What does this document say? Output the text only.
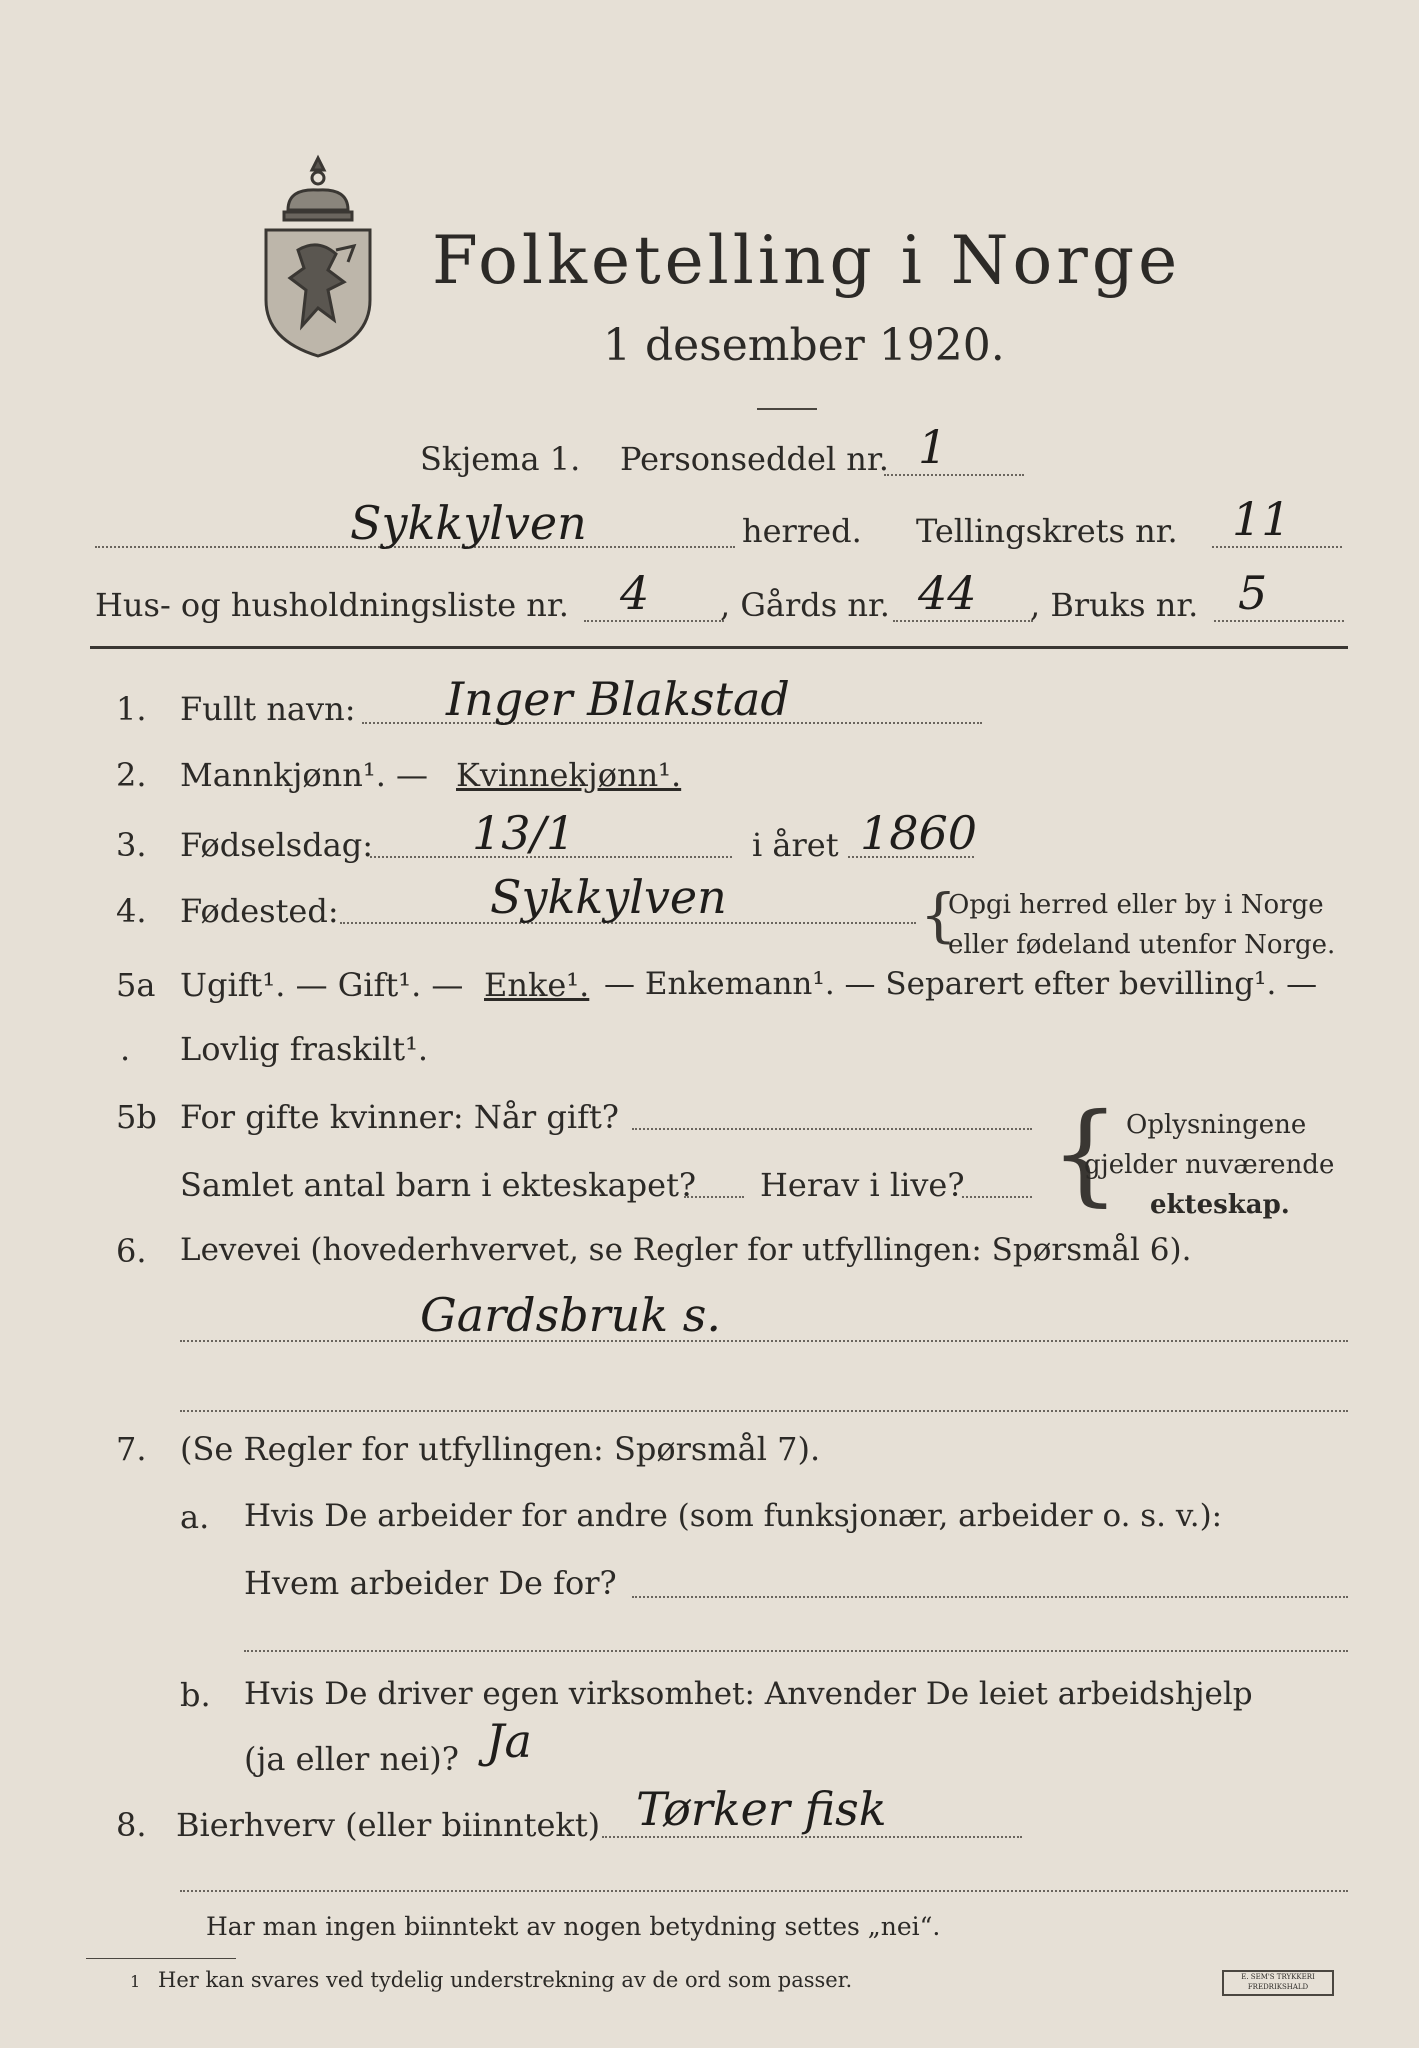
Folketelling i Norge
1 desember 1920.
Skjema 1. Personseddel nr. 1
Sykkylven	herred. Tellingskrets nr. 11
Hus- og husholdningsliste nr. 4 , Gårds nr. 44 , Bruks nr. 5
1. Fullt navn: Inger Blakstad
2. Mannkjønn¹. — Kvinnekjønn¹.
3. Fødselsdag: 13/1	i året 1860
4. Fødested:	Sykkylven	{
Opgi herred eller by i Norge
eller fødeland utenfor Norge.
5a Ugift¹. — Gift¹. — Enke¹. — Enkemann¹. — Separert efter bevilling¹. —
. Lovlig fraskilt¹.
5b For gifte kvinner: Når gift?
Samlet antal barn i ekteskapet? Herav i live? { Oplysningene
gjelder nuværende
ekteskap.
6. Levevei (hovederhvervet, se Regler for utfyllingen: Spørsmål 6).
Gardsbruk s.
7. (Se Regler for utfyllingen: Spørsmål 7).
a. Hvis De arbeider for andre (som funksjonær, arbeider o. s. v.):
Hvem arbeider De for?
b. Hvis De driver egen virksomhet: Anvender De leiet arbeidshjelp
(ja eller nei)? Ja
8. Bierhverv (eller biinntekt) Tørker fisk
Har man ingen biinntekt av nogen betydning settes „nei“.
1 Her kan svares ved tydelig understrekning av de ord som passer.	E. SEM'S TRYKKERI FREDRIKSHALD
